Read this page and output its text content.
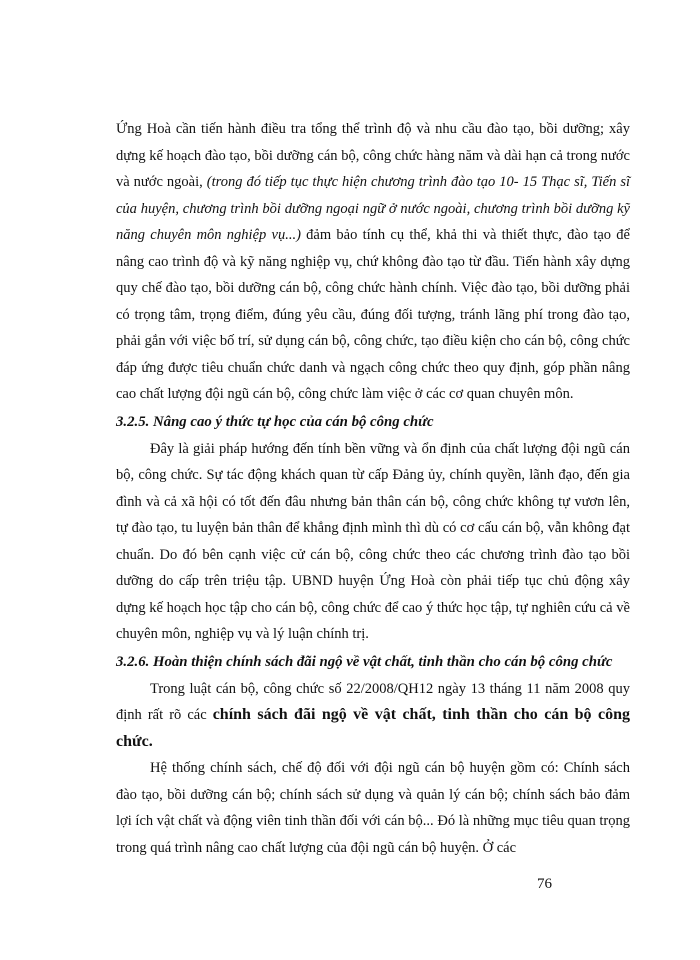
Ứng Hoà cần tiến hành điều tra tổng thể trình độ và nhu cầu đào tạo, bồi dưỡng; xây dựng kế hoạch đào tạo, bồi dưỡng cán bộ, công chức hàng năm và dài hạn cả trong nước và nước ngoài, (trong đó tiếp tục thực hiện chương trình đào tạo 10- 15 Thạc sĩ, Tiến sĩ của huyện, chương trình bồi dưỡng ngoại ngữ ở nước ngoài, chương trình bồi dưỡng kỹ năng chuyên môn nghiệp vụ...) đảm bảo tính cụ thể, khả thi và thiết thực, đào tạo để nâng cao trình độ và kỹ năng nghiệp vụ, chứ không đào tạo từ đầu. Tiến hành xây dựng quy chế đào tạo, bồi dưỡng cán bộ, công chức hành chính. Việc đào tạo, bồi dưỡng phải có trọng tâm, trọng điểm, đúng yêu cầu, đúng đối tượng, tránh lãng phí trong đào tạo, phải gắn với việc bố trí, sử dụng cán bộ, công chức, tạo điều kiện cho cán bộ, công chức đáp ứng được tiêu chuẩn chức danh và ngạch công chức theo quy định, góp phần nâng cao chất lượng đội ngũ cán bộ, công chức làm việc ở các cơ quan chuyên môn.

3.2.5. Nâng cao ý thức tự học của cán bộ công chức

Đây là giải pháp hướng đến tính bền vững và ổn định của chất lượng đội ngũ cán bộ, công chức. Sự tác động khách quan từ cấp Đảng ủy, chính quyền, lãnh đạo, đến gia đình và cả xã hội có tốt đến đâu nhưng bản thân cán bộ, công chức không tự vươn lên, tự đào tạo, tu luyện bản thân để khẳng định mình thì dù có cơ cấu cán bộ, vẫn không đạt chuẩn. Do đó bên cạnh việc cử cán bộ, công chức theo các chương trình đào tạo bồi dưỡng do cấp trên triệu tập. UBND huyện Ứng Hoà còn phải tiếp tục chủ động xây dựng kế hoạch học tập cho cán bộ, công chức để cao ý thức học tập, tự nghiên cứu cả về chuyên môn, nghiệp vụ và lý luận chính trị.

3.2.6. Hoàn thiện chính sách đãi ngộ về vật chất, tinh thần cho cán bộ công chức

Trong luật cán bộ, công chức số 22/2008/QH12 ngày 13 tháng 11 năm 2008 quy định rất rõ các chính sách đãi ngộ về vật chất, tinh thần cho cán bộ công chức.

Hệ thống chính sách, chế độ đối với đội ngũ cán bộ huyện gồm có: Chính sách đào tạo, bồi dưỡng cán bộ; chính sách sử dụng và quản lý cán bộ; chính sách bảo đảm lợi ích vật chất và động viên tinh thần đối với cán bộ... Đó là những mục tiêu quan trọng trong quá trình nâng cao chất lượng của đội ngũ cán bộ huyện. Ở các

76
